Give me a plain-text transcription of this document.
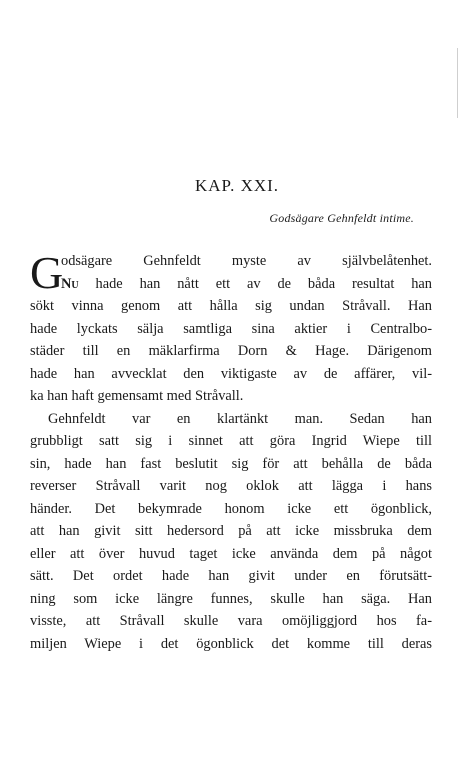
KAP. XXI.
Godsägare Gehnfeldt intime.
G
odsägare Gehnfeldt myste av självbelåtenhet.
Nu hade han nått ett av de båda resultat han
sökt vinna genom att hålla sig undan Stråvall. Han
hade lyckats sälja samtliga sina aktier i Centralbo-
städer till en mäklarfirma Dorn & Hage. Därigenom
hade han avvecklat den viktigaste av de affärer, vil-
ka han haft gemensamt med Stråvall.
Gehnfeldt var en klartänkt man. Sedan han
grubbligt satt sig i sinnet att göra Ingrid Wiepe till
sin, hade han fast beslutit sig för att behålla de båda
reverser Stråvall varit nog oklok att lägga i hans
händer. Det bekymrade honom icke ett ögonblick,
att han givit sitt hedersord på att icke missbruka dem
eller att över huvud taget icke använda dem på något
sätt. Det ordet hade han givit under en förutsätt-
ning som icke längre funnes, skulle han säga. Han
visste, att Stråvall skulle vara omöjliggjord hos fa-
miljen Wiepe i det ögonblick det komme till deras
